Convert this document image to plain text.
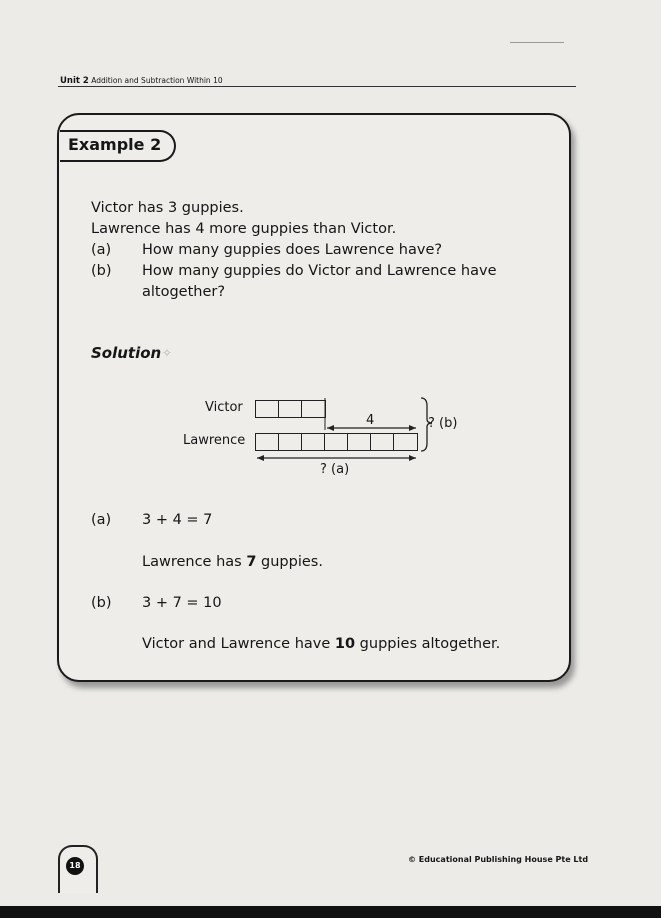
Unit 2 Addition and Subtraction Within 10
Example 2
Victor has 3 guppies.
Lawrence has 4 more guppies than Victor.
(a) How many guppies does Lawrence have?
(b) How many guppies do Victor and Lawrence have
altogether?
Solution ✧
Victor
Lawrence
4	? (b)
? (a)
(a) 3 + 4 = 7
Lawrence has 7 guppies.
(b) 3 + 7 = 10
Victor and Lawrence have 10 guppies altogether.
18
© Educational Publishing House Pte Ltd
